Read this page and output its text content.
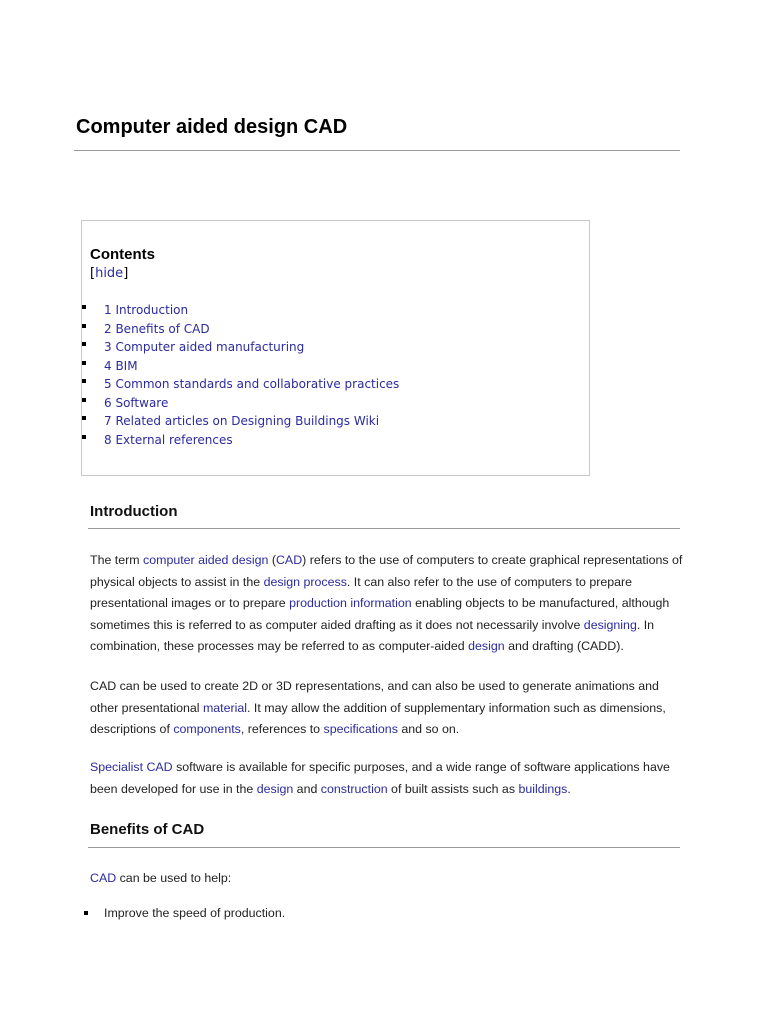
Computer aided design CAD
Contents
[hide]
1 Introduction
2 Benefits of CAD
3 Computer aided manufacturing
4 BIM
5 Common standards and collaborative practices
6 Software
7 Related articles on Designing Buildings Wiki
8 External references
Introduction

The term computer aided design (CAD) refers to the use of computers to create graphical representations of physical objects to assist in the design process. It can also refer to the use of computers to prepare presentational images or to prepare production information enabling objects to be manufactured, although sometimes this is referred to as computer aided drafting as it does not necessarily involve designing. In combination, these processes may be referred to as computer-aided design and drafting (CADD).

CAD can be used to create 2D or 3D representations, and can also be used to generate animations and other presentational material. It may allow the addition of supplementary information such as dimensions, descriptions of components, references to specifications and so on.

Specialist CAD software is available for specific purposes, and a wide range of software applications have been developed for use in the design and construction of built assists such as buildings.

Benefits of CAD

CAD can be used to help:

Improve the speed of production.
